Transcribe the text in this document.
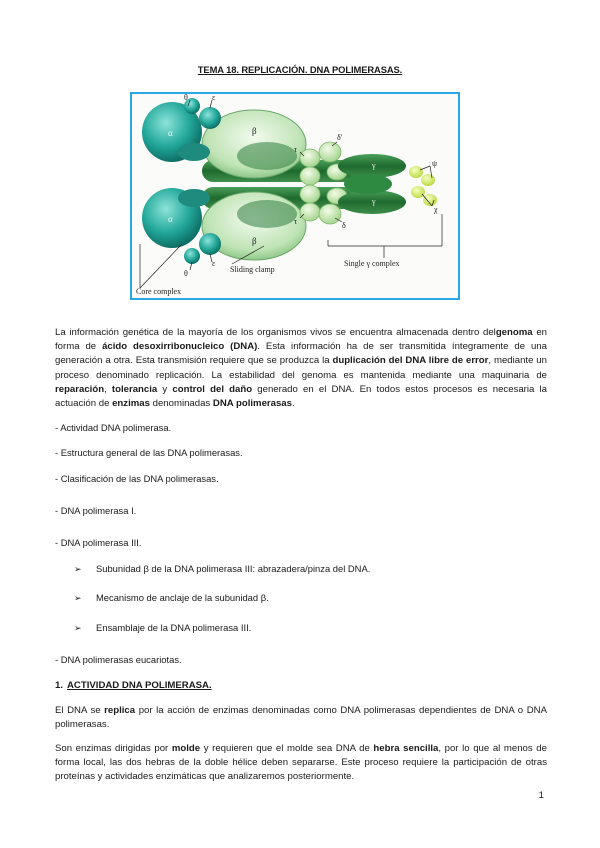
TEMA 18. REPLICACIÓN. DNA POLIMERASAS.
θ	ε
θ
ε
α
α
β
β
τ
τ
δ'
δ
γ
γ
ψ
χ
Sliding clamp
Single γ complex
Core complex

La información genética de la mayoría de los organismos vivos se encuentra almacenada dentro delgenoma en forma de ácido desoxirribonucleico (DNA). Esta información ha de ser transmitida íntegramente de una generación a otra. Esta transmisión requiere que se produzca la duplicación del DNA libre de error, mediante un proceso denominado replicación. La estabilidad del genoma es mantenida mediante una maquinaria de reparación, tolerancia y control del daño generado en el DNA. En todos estos procesos es necesaria la actuación de enzimas denominadas DNA polimerasas.

- Actividad DNA polimerasa.
- Estructura general de las DNA polimerasas.
- Clasificación de las DNA polimerasas.
- DNA polimerasa I.
- DNA polimerasa III.
➢ Subunidad β de la DNA polimerasa III: abrazadera/pinza del DNA.
➢ Mecanismo de anclaje de la subunidad β.
➢ Ensamblaje de la DNA polimerasa III.
- DNA polimerasas eucariotas.
1. ACTIVIDAD DNA POLIMERASA.

El DNA se replica por la acción de enzimas denominadas como DNA polimerasas dependientes de DNA o DNA polimerasas.

Son enzimas dirigidas por molde y requieren que el molde sea DNA de hebra sencilla, por lo que al menos de forma local, las dos hebras de la doble hélice deben separarse. Este proceso requiere la participación de otras proteínas y actividades enzimáticas que analizaremos posteriormente.

1
